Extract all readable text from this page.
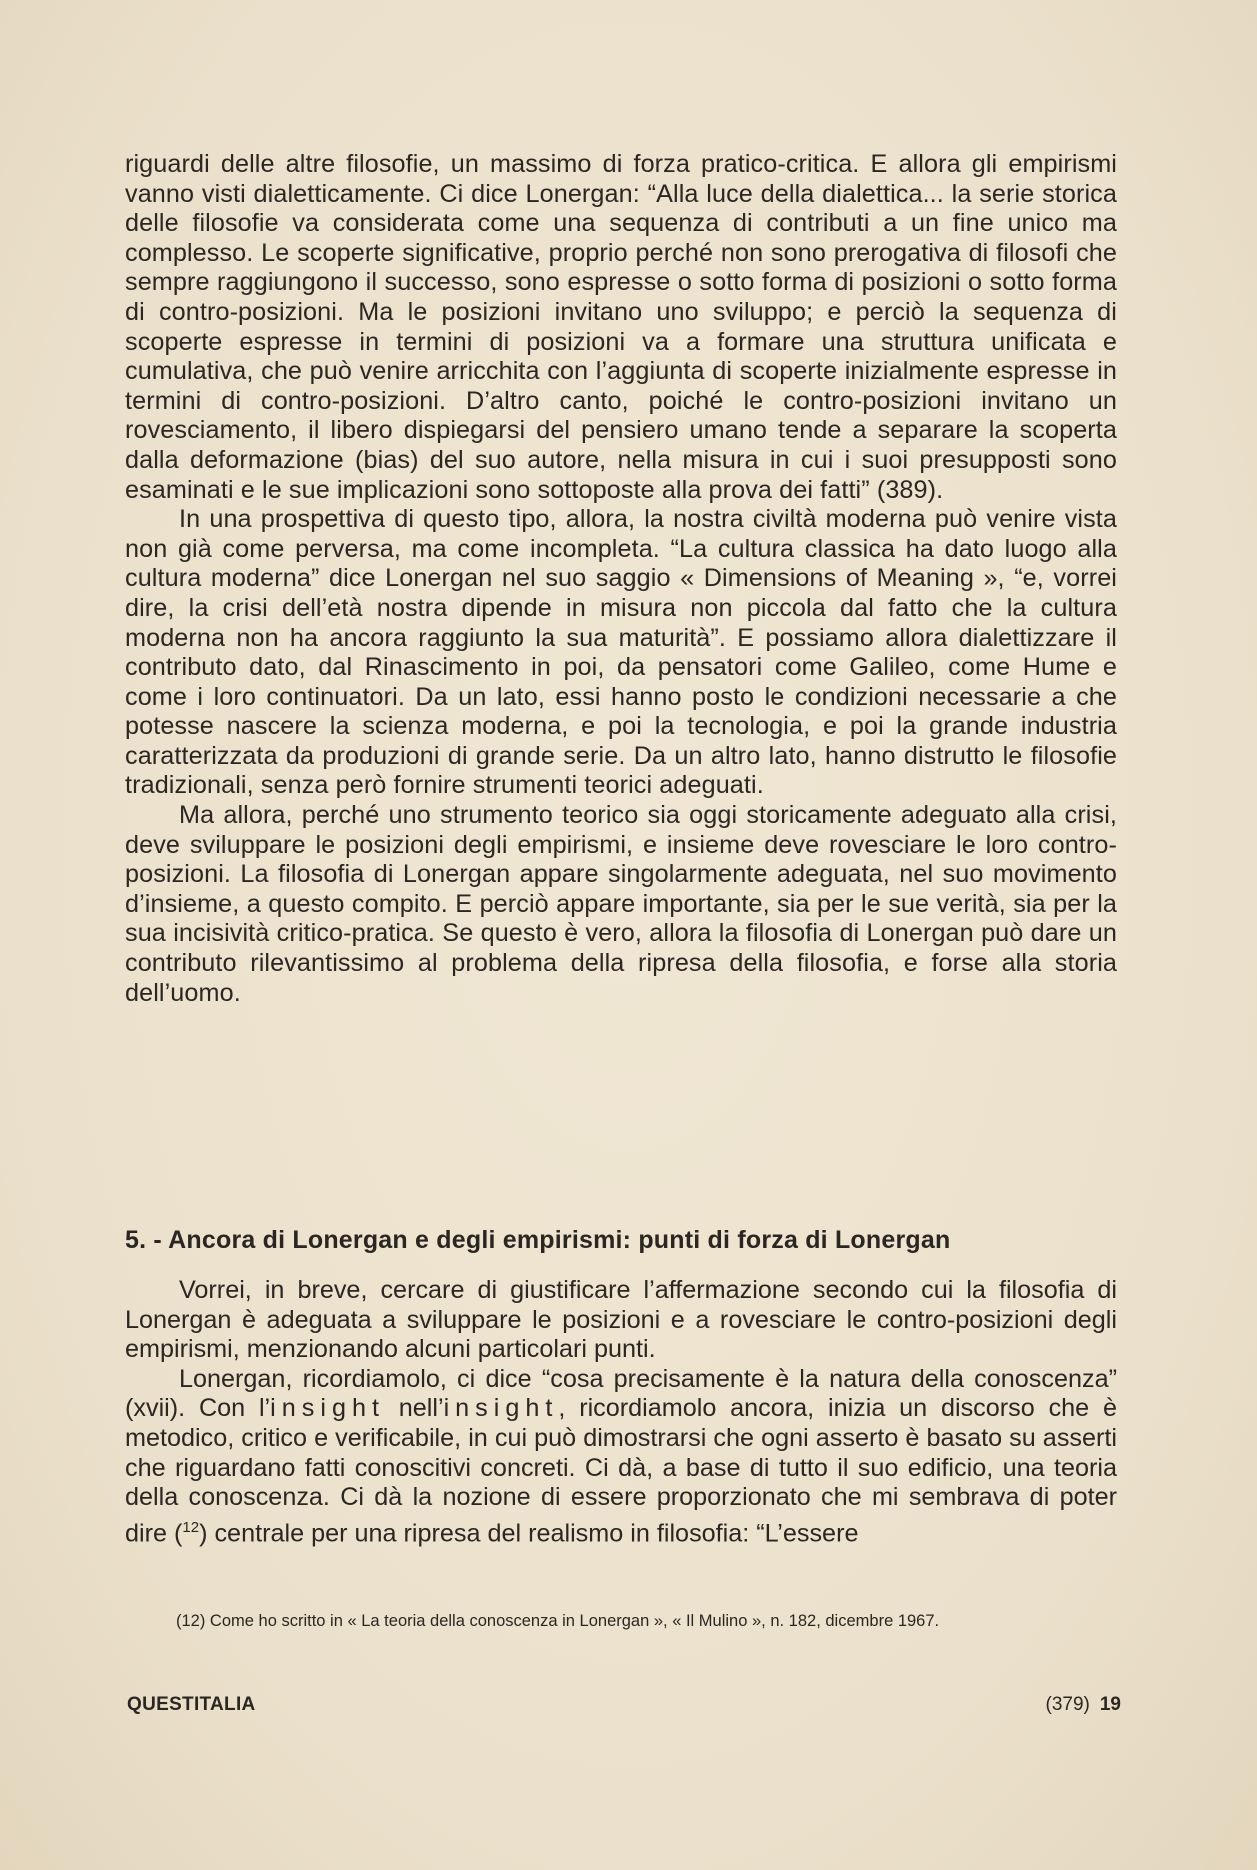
riguardi delle altre filosofie, un massimo di forza pratico-critica. E allora gli empirismi vanno visti dialetticamente. Ci dice Lonergan: “Alla luce della dialettica... la serie storica delle filosofie va considerata come una sequenza di contributi a un fine unico ma complesso. Le scoperte significative, proprio perché non sono prerogativa di filosofi che sempre raggiungono il successo, sono espresse o sotto forma di posizioni o sotto forma di contro-posizioni. Ma le posizioni invitano uno sviluppo; e perciò la sequenza di scoperte espresse in termini di posizioni va a formare una struttura unificata e cumulativa, che può venire arricchita con l’aggiunta di scoperte inizialmente espresse in termini di contro-posizioni. D’altro canto, poiché le contro-posizioni invitano un rovesciamento, il libero dispiegarsi del pensiero umano tende a separare la scoperta dalla deformazione (bias) del suo autore, nella misura in cui i suoi presupposti sono esaminati e le sue implicazioni sono sottoposte alla prova dei fatti” (389).

In una prospettiva di questo tipo, allora, la nostra civiltà moderna può venire vista non già come perversa, ma come incompleta. “La cultura classica ha dato luogo alla cultura moderna” dice Lonergan nel suo saggio « Dimensions of Meaning », “e, vorrei dire, la crisi dell’età nostra dipende in misura non piccola dal fatto che la cultura moderna non ha ancora raggiunto la sua maturità”. E possiamo allora dialettizzare il contributo dato, dal Rinascimento in poi, da pensatori come Galileo, come Hume e come i loro continuatori. Da un lato, essi hanno posto le condizioni necessarie a che potesse nascere la scienza moderna, e poi la tecnologia, e poi la grande industria caratterizzata da produzioni di grande serie. Da un altro lato, hanno distrutto le filosofie tradizionali, senza però fornire strumenti teorici adeguati.

Ma allora, perché uno strumento teorico sia oggi storicamente adeguato alla crisi, deve sviluppare le posizioni degli empirismi, e insieme deve rovesciare le loro contro-posizioni. La filosofia di Lonergan appare singolarmente adeguata, nel suo movimento d’insieme, a questo compito. E perciò appare importante, sia per le sue verità, sia per la sua incisività critico-pratica. Se questo è vero, allora la filosofia di Lonergan può dare un contributo rilevantissimo al problema della ripresa della filosofia, e forse alla storia dell’uomo.

5. - Ancora di Lonergan e degli empirismi: punti di forza di Lonergan

Vorrei, in breve, cercare di giustificare l’affermazione secondo cui la filosofia di Lonergan è adeguata a sviluppare le posizioni e a rovesciare le contro-posizioni degli empirismi, menzionando alcuni particolari punti.

Lonergan, ricordiamolo, ci dice “cosa precisamente è la natura della conoscenza” (xvii). Con l’insight nell’insight, ricordiamolo ancora, inizia un discorso che è metodico, critico e verificabile, in cui può dimostrarsi che ogni asserto è basato su asserti che riguardano fatti conoscitivi concreti. Ci dà, a base di tutto il suo edificio, una teoria della conoscenza. Ci dà la nozione di essere proporzionato che mi sembrava di poter dire ($^{12}$) centrale per una ripresa del realismo in filosofia: “L’essere

(12) Come ho scritto in « La teoria della conoscenza in Lonergan », « Il Mulino », n. 182, dicembre 1967.

QUESTITALIA	(379) 19
